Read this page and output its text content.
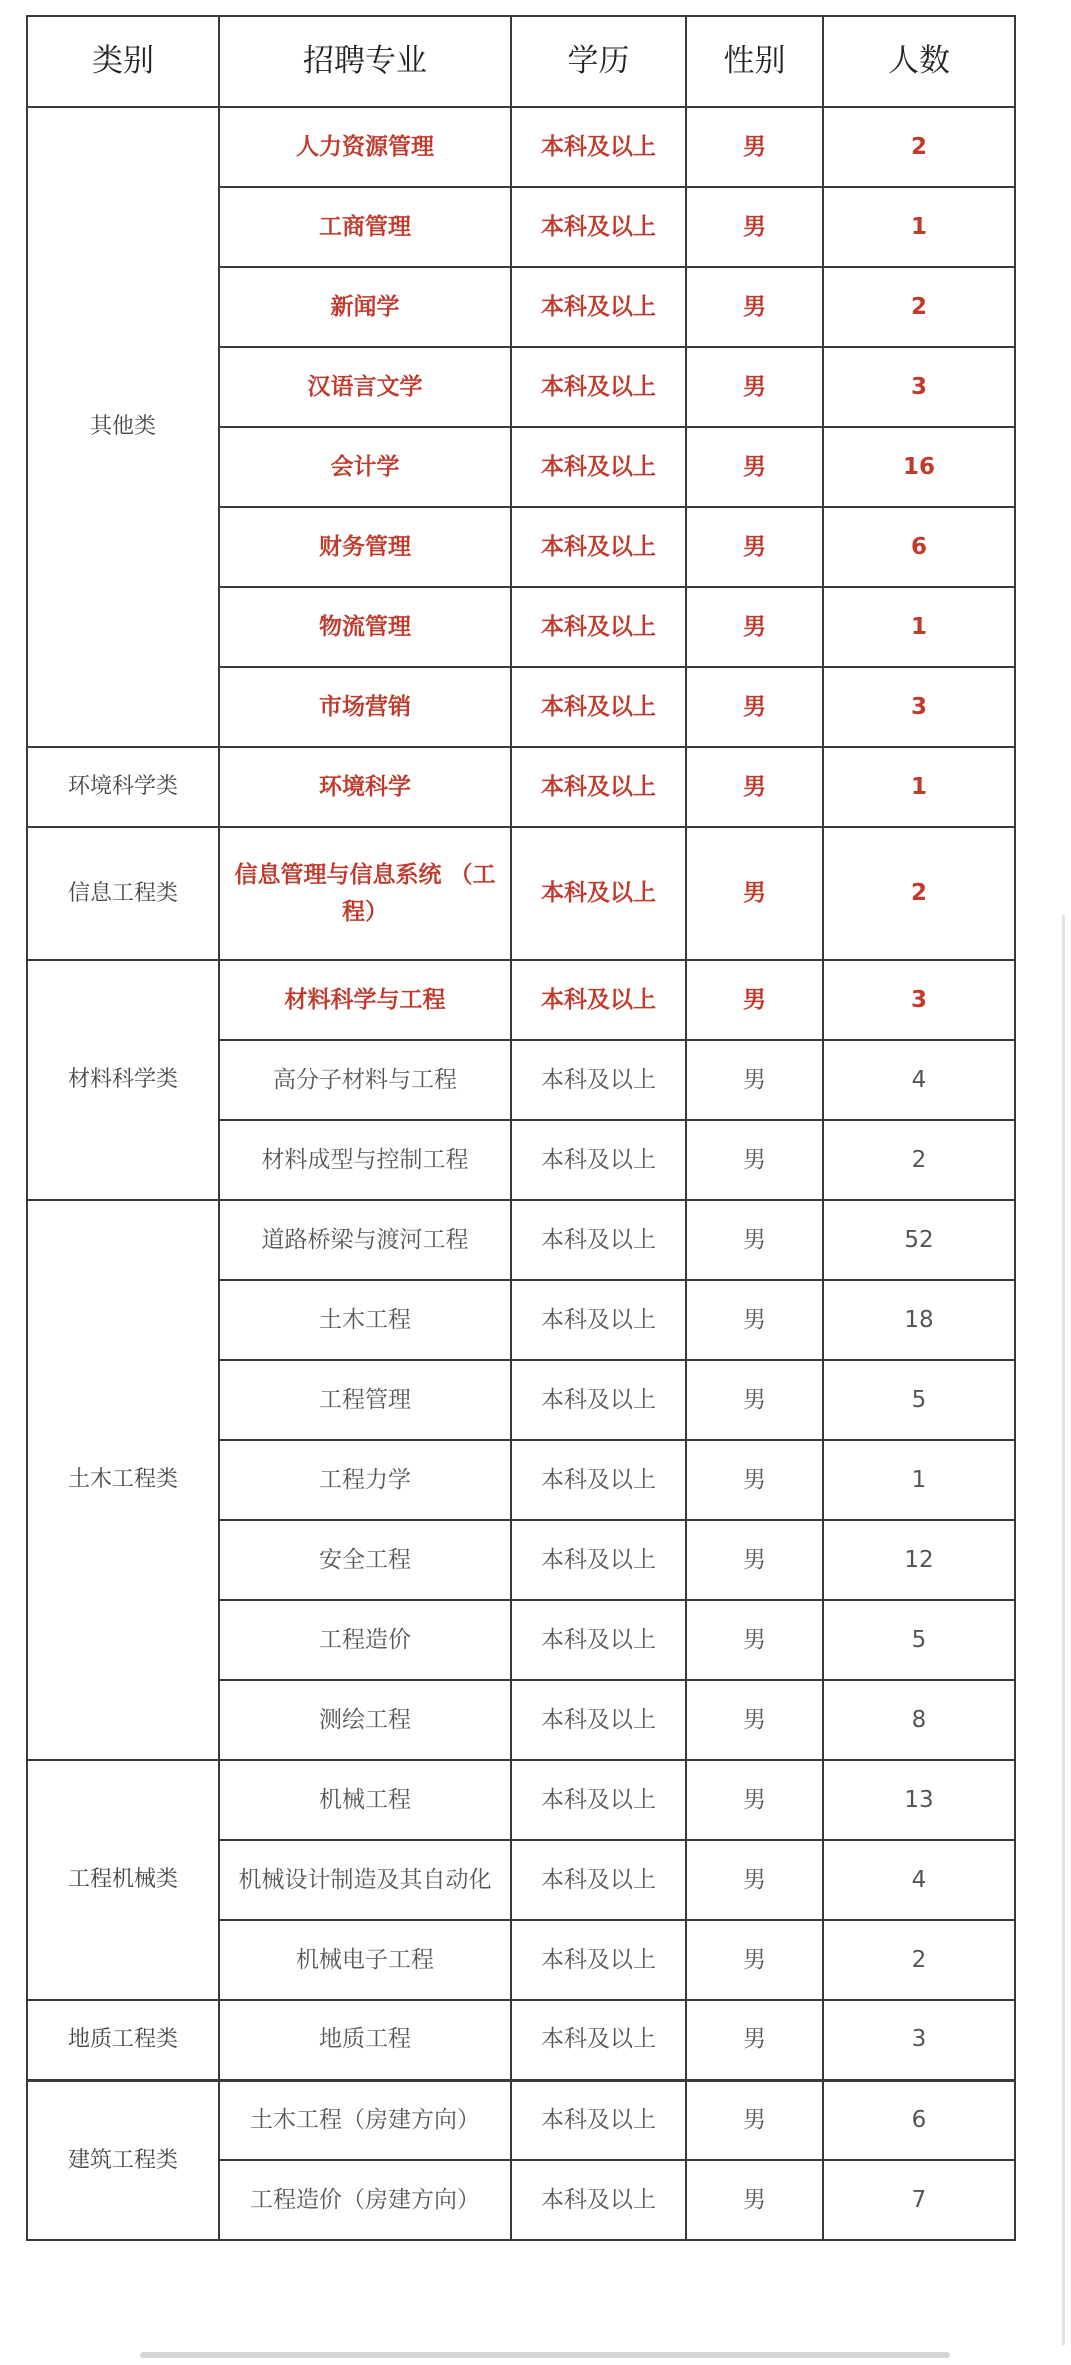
类别	招聘专业	学历	性别	人数
其他类	人力资源管理	本科及以上	男	2
	工商管理	本科及以上	男	1
	新闻学	本科及以上	男	2
	汉语言文学	本科及以上	男	3
	会计学	本科及以上	男	16
	财务管理	本科及以上	男	6
	物流管理	本科及以上	男	1
	市场营销	本科及以上	男	3
环境科学类	环境科学	本科及以上	男	1
信息工程类	信息管理与信息系统 （工程）	本科及以上	男	2
材料科学类	材料科学与工程	本科及以上	男	3
	高分子材料与工程	本科及以上	男	4
	材料成型与控制工程	本科及以上	男	2
土木工程类	道路桥梁与渡河工程	本科及以上	男	52
	土木工程	本科及以上	男	18
	工程管理	本科及以上	男	5
	工程力学	本科及以上	男	1
	安全工程	本科及以上	男	12
	工程造价	本科及以上	男	5
	测绘工程	本科及以上	男	8
工程机械类	机械工程	本科及以上	男	13
	机械设计制造及其自动化	本科及以上	男	4
	机械电子工程	本科及以上	男	2
地质工程类	地质工程	本科及以上	男	3
建筑工程类	土木工程（房建方向）	本科及以上	男	6
	工程造价（房建方向）	本科及以上	男	7
